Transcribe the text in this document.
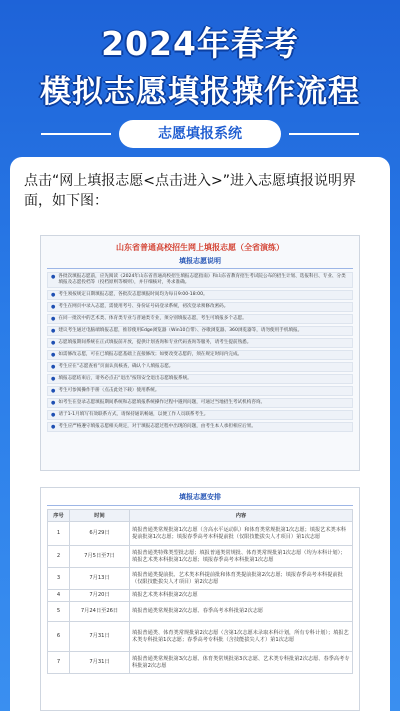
2024年春考
模拟志愿填报操作流程
志愿填报系统
点击“网上填报志愿<点击进入>”进入志愿填报说明界面，如下图：
山东省普通高校招生网上填报志愿（全省演练）
填报志愿说明
● 各批次填报志愿前，应先阅读《2024年山东省普通高校招生填报志愿指南》和山东省教育招生考试院公布的招生计划、选报科目、专业、分类填报及志愿投档等（投档原则等细则），并仔细核对，务求准确。
● 考生须按规定日期填报志愿，各批次志愿填报时间均为每日9:00-18:00。
● 考生在网页中录入志愿，需使用考号、身份证号码登录系统，初次登录须修改密码。
● 在同一批次中的艺术类、体育类专业与普通类专业，须分别填报志愿，考生可填报多个志愿。
● 建议考生通过电脑端填报志愿，推荐使用Edge浏览器（Win10自带）、谷歌浏览器、360浏览器等，请勿使用手机填报。
● 志愿填报期间系统在正式填报前开放，提供计划查询和专业代码查询等服务，请考生提前熟悉。
● 如需修改志愿，可在已填报志愿基础上直接修改；如要改变志愿的，须在规定时间内完成。
● 考生应在“志愿查看”页面认真核查，确认个人填报志愿。
● 填报志愿结束后，请务必点击“退出”按钮安全退出志愿填报系统。
● 考生可参阅操作手册（点击此处下载）使用系统。
● 如考生在登录志愿填报期间系统和志愿填报系统操作过程中遇到问题，可通过当地招生考试机构咨询。
● 请于1-1月填写有效联系方式，请保持通讯畅通，以便工作人员联系考生。
● 考生应严格遵守填报志愿相关规定，对于填报志愿过程中出现的问题，由考生本人承担相应后果。
填报志愿安排
序号	时间	内容
1	6月29日	填报普通类常规批第1次志愿（含高水平运动队）和体育类常规批第1次志愿；填报艺术类本科提前批第1次志愿；填报春季高考本科提前批（仅限技能拔尖人才项目）第1次志愿
2	7月5日至7日	填报普通类特殊类型批志愿；填报普通类常规批、体育类常规批第1次志愿（均为本科计划）；填报艺术类本科批第1次志愿；填报春季高考本科批第1次志愿
3	7月13日	填报普通类提前批、艺术类本科提前批和体育类提前批第2次志愿；填报春季高考本科提前批（仅限技能拔尖人才项目）第2次志愿
4	7月20日	填报艺术类本科批第2次志愿
5	7月24日至26日	填报普通类常规批第2次志愿、春季高考本科批第2次志愿
6	7月31日	填报普通类、体育类常规批第2次志愿（含第1次志愿未录取本科计划，所有专科计划）；填报艺术类专科批第1次志愿；春季高考专科批（含技能拔尖人才）第1次志愿
7	7月31日	填报普通类常规批第3次志愿、体育类常规批第3次志愿、艺术类专科批第2次志愿、春季高考专科批第2次志愿
